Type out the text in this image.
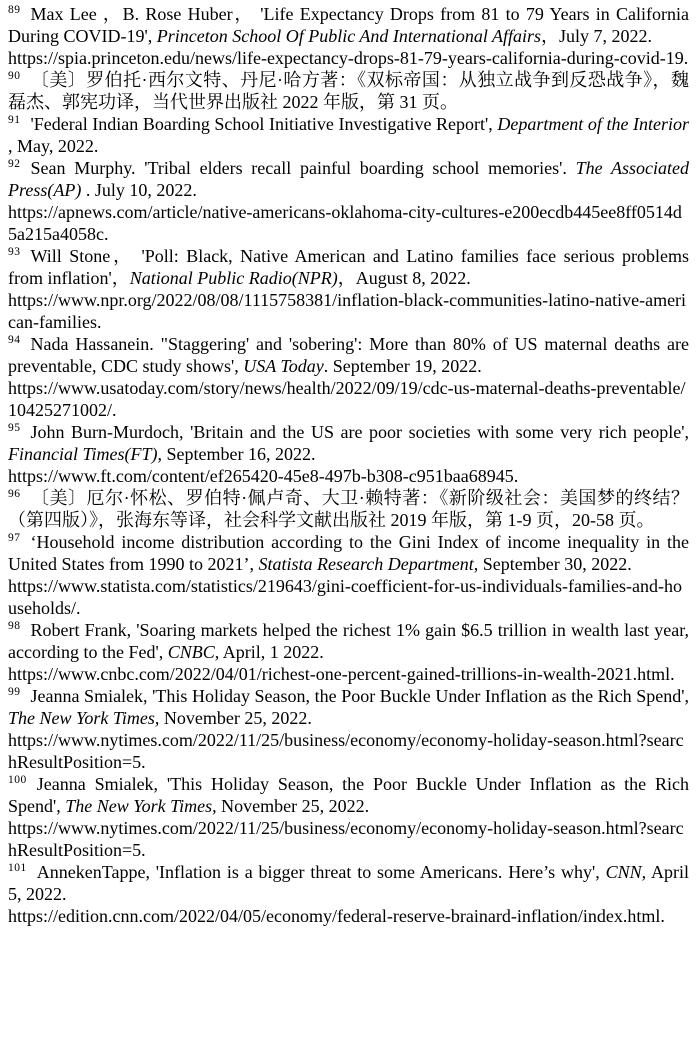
$^{89}$ Max Lee ，B. Rose Huber， 'Life Expectancy Drops from 81 to 79 Years in California During COVID-19', Princeton School Of Public And International Affairs，July 7, 2022.
https://spia.princeton.edu/news/life-expectancy-drops-81-79-years-california-during-covid-19.
$^{90}$ 〔美〕罗伯托·西尔文特、丹尼·哈方著：《双标帝国：从独立战争到反恐战争》，魏磊杰、郭宪功译，当代世界出版社 2022 年版，第 31 页。
$^{91}$ 'Federal Indian Boarding School Initiative Investigative Report', Department of the Interior , May, 2022.
$^{92}$ Sean Murphy. 'Tribal elders recall painful boarding school memories'. The Associated Press(AP) . July 10, 2022.
https://apnews.com/article/native-americans-oklahoma-city-cultures-e200ecdb445ee8ff0514d5a215a4058c.
$^{93}$ Will Stone， 'Poll: Black, Native American and Latino families face serious problems from inflation'，National Public Radio(NPR)，August 8, 2022.
https://www.npr.org/2022/08/08/1115758381/inflation-black-communities-latino-native-american-families.
$^{94}$ Nada Hassanein. "Staggering' and 'sobering': More than 80% of US maternal deaths are preventable, CDC study shows', USA Today. September 19, 2022.
https://www.usatoday.com/story/news/health/2022/09/19/cdc-us-maternal-deaths-preventable/10425271002/.
$^{95}$ John Burn-Murdoch, 'Britain and the US are poor societies with some very rich people', Financial Times(FT), September 16, 2022.
https://www.ft.com/content/ef265420-45e8-497b-b308-c951baa68945.
$^{96}$ 〔美〕厄尔·怀松、罗伯特·佩卢奇、大卫·赖特著：《新阶级社会：美国梦的终结？（第四版）》，张海东等译，社会科学文献出版社 2019 年版，第 1-9 页，20-58 页。
$^{97}$ ‘Household income distribution according to the Gini Index of income inequality in the United States from 1990 to 2021’, Statista Research Department, September 30, 2022.
https://www.statista.com/statistics/219643/gini-coefficient-for-us-individuals-families-and-households/.
$^{98}$ Robert Frank, 'Soaring markets helped the richest 1% gain $6.5 trillion in wealth last year, according to the Fed', CNBC, April, 1 2022.
https://www.cnbc.com/2022/04/01/richest-one-percent-gained-trillions-in-wealth-2021.html.
$^{99}$ Jeanna Smialek, 'This Holiday Season, the Poor Buckle Under Inflation as the Rich Spend', The New York Times, November 25, 2022.
https://www.nytimes.com/2022/11/25/business/economy/economy-holiday-season.html?searchResultPosition=5.
$^{100}$ Jeanna Smialek, 'This Holiday Season, the Poor Buckle Under Inflation as the Rich Spend', The New York Times, November 25, 2022.
https://www.nytimes.com/2022/11/25/business/economy/economy-holiday-season.html?searchResultPosition=5.
$^{101}$ AnnekenTappe, 'Inflation is a bigger threat to some Americans. Here’s why', CNN, April 5, 2022.
https://edition.cnn.com/2022/04/05/economy/federal-reserve-brainard-inflation/index.html.
